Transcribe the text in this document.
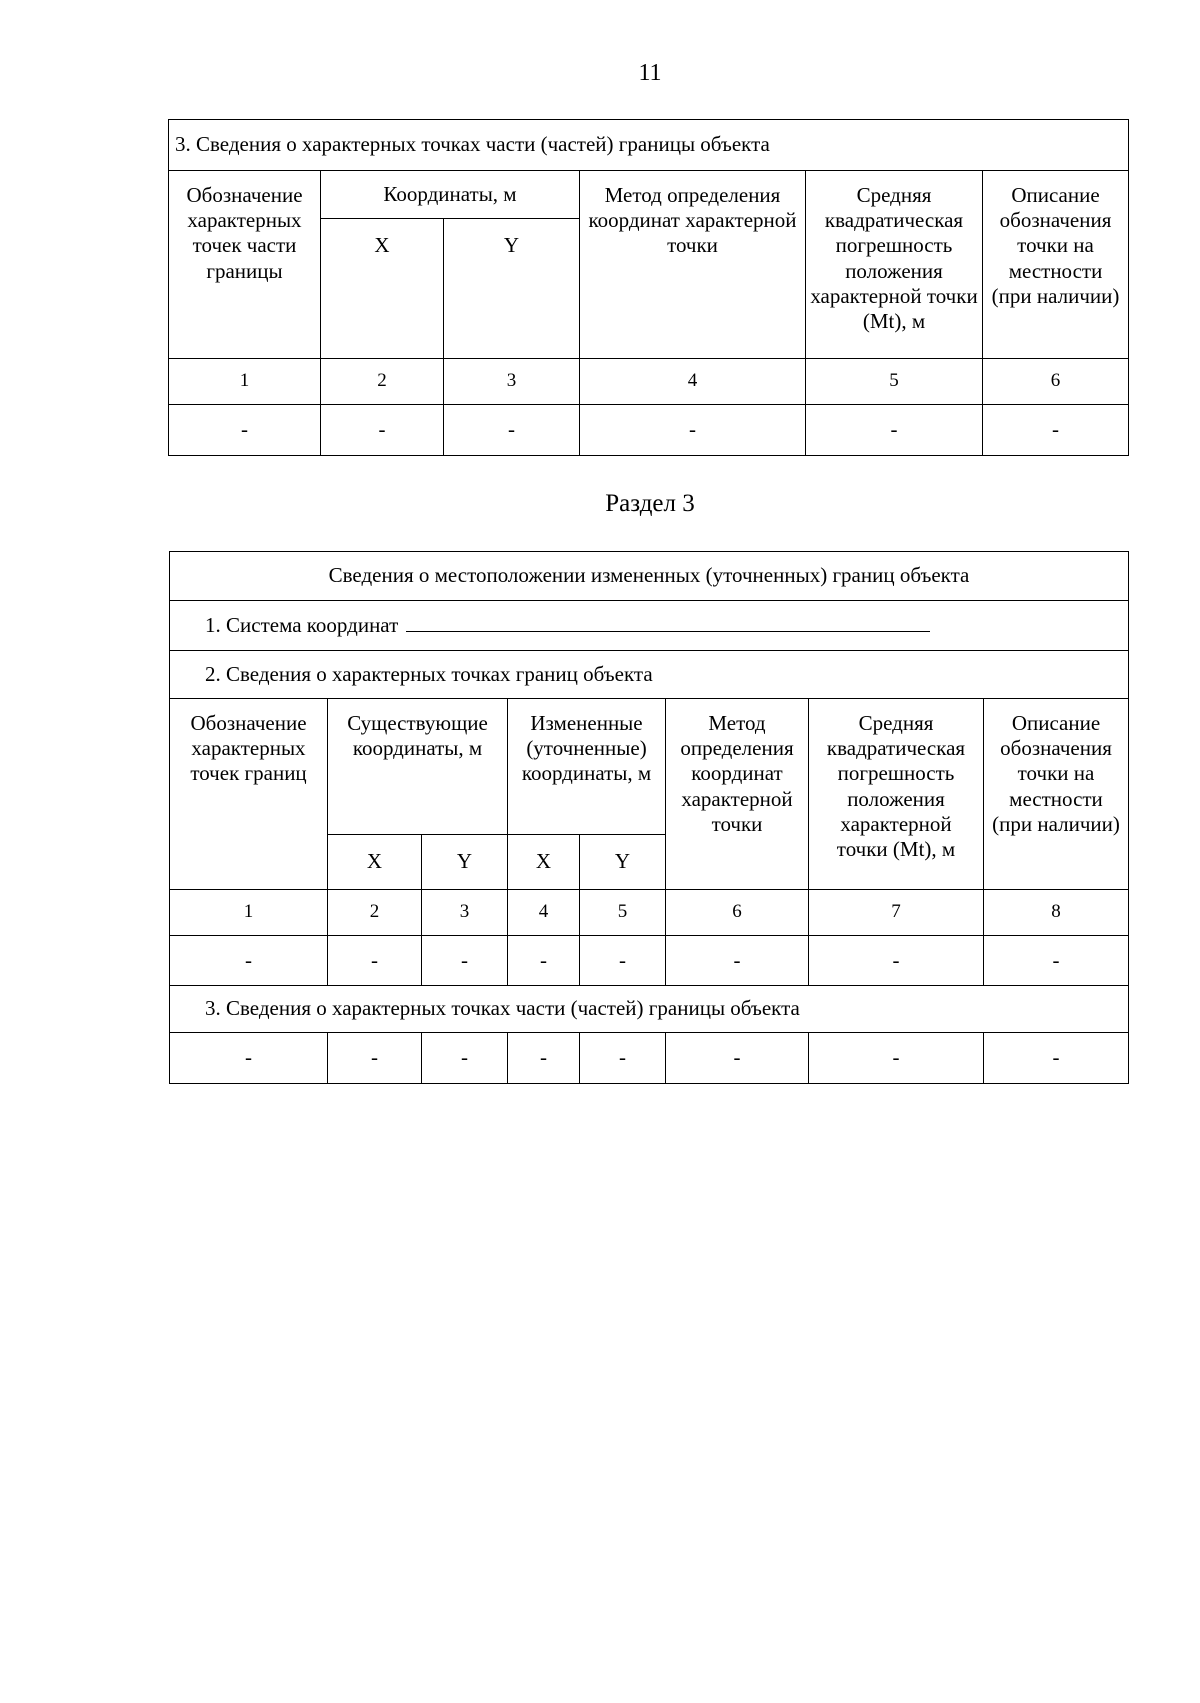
11
3. Сведения о характерных точках части (частей) границы объекта					
Обозначение характерных точек части границы	Координаты, м		Метод определения координат характерной точки	Средняя квадратическая погрешность положения характерной точки (Mt), м	Описание обозначения точки на местности (при наличии)
	X	Y			
1	2	3	4	5	6
-	-	-	-	-	-
Раздел 3
Сведения о местоположении измененных (уточненных) границ объекта							
1. Система координат							
2. Сведения о характерных точках границ объекта							
Обозначение характерных точек границ	Существующие координаты, м		Измененные (уточненные) координаты, м		Метод определения координат характерной точки	Средняя квадратическая погрешность положения характерной точки (Mt), м	Описание обозначения точки на местности (при наличии)
	X	Y	X	Y			
1	2	3	4	5	6	7	8
-	-	-	-	-	-	-	-
3. Сведения о характерных точках части (частей) границы объекта							
-	-	-	-	-	-	-	-
